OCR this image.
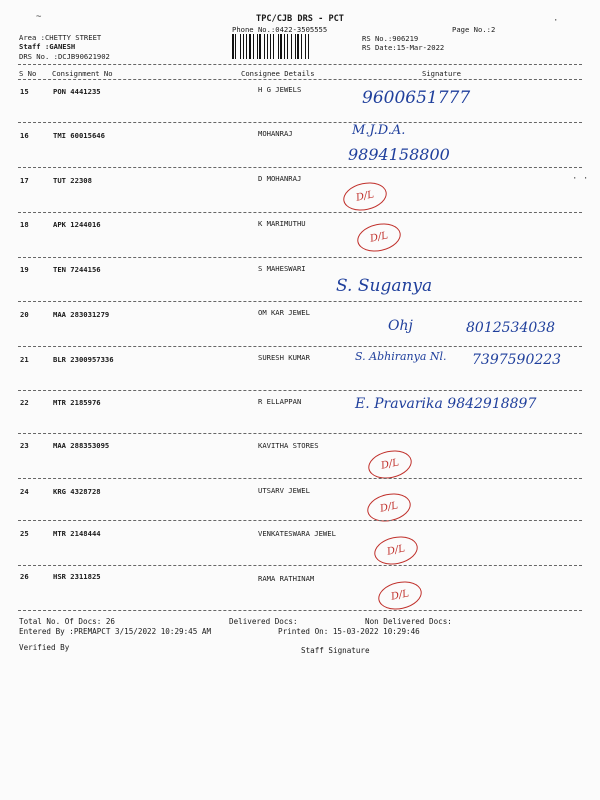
TPC/CJB DRS - PCT
Phone No.:0422-3505555	Page No.:2
Area :CHETTY STREET
Staff :GANESH
DRS No. :DCJB90621902
RS No.:906219
RS Date:15-Mar-2022
~	·
S No Consignment No	Consignee Details	Signature
15	PON 4441235	H G JEWELS	9600651777
16	TMI 60015646	MOHANRAJ	M.J.D.A.
9894158800
17	TUT 22308	D MOHANRAJ
D/L
· ·
18	APK 1244016	K MARIMUTHU
D/L
19	TEN 7244156	S MAHESWARI
S. Suganya
20	MAA 283031279	OM KAR JEWEL
Ohj	8012534038
21	BLR 2300957336	SURESH KUMAR	S. Abhiranya Nl. 7397590223
22	MTR 2185976	R ELLAPPAN	E. Pravarika 9842918897
23	MAA 288353095	KAVITHA STORES
D/L
24	KRG 4328728	UTSARV JEWEL
D/L
25	MTR 2148444	VENKATESWARA JEWEL
D/L
26	HSR 2311825	RAMA RATHINAM
D/L
Total No. Of Docs: 26	Delivered Docs:	Non Delivered Docs:
Entered By :PREMAPCT 3/15/2022 10:29:45 AM	Printed On: 15-03-2022 10:29:46
Verified By	Staff Signature
